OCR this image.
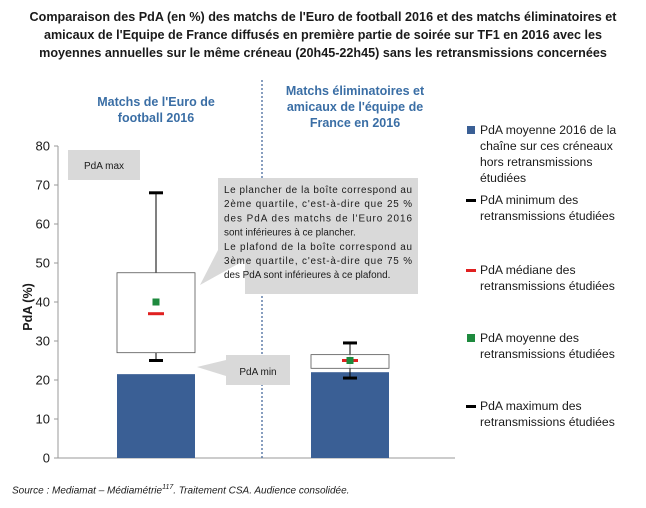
Comparaison des PdA (en %) des matchs de l'Euro de football 2016 et des matchs éliminatoires et
amicaux de l'Equipe de France diffusés en première partie de soirée sur TF1 en 2016 avec les
moyennes annuelles sur le même créneau (20h45-22h45) sans les retransmissions concernées
0
10
20
30
40
50
60
70
80
PdA (%)
Matchs de l'Euro de
football 2016
Matchs éliminatoires et
amicaux de l'équipe de
France en 2016
PdA max
PdA min
Le plancher de la boîte correspond au
2ème quartile, c'est-à-dire que 25 %
des PdA des matchs de l'Euro 2016
sont inférieures à ce plancher.
Le plafond de la boîte correspond au
3ème quartile, c'est-à-dire que 75 %
des PdA sont inférieures à ce plafond.
PdA moyenne 2016 de la
chaîne sur ces créneaux
hors retransmissions
étudiées
PdA minimum des
retransmissions étudiées
PdA médiane des
retransmissions étudiées
PdA moyenne des
retransmissions étudiées
PdA maximum des
retransmissions étudiées
Source : Mediamat – Médiamétrie$^{117}$. Traitement CSA. Audience consolidée.
